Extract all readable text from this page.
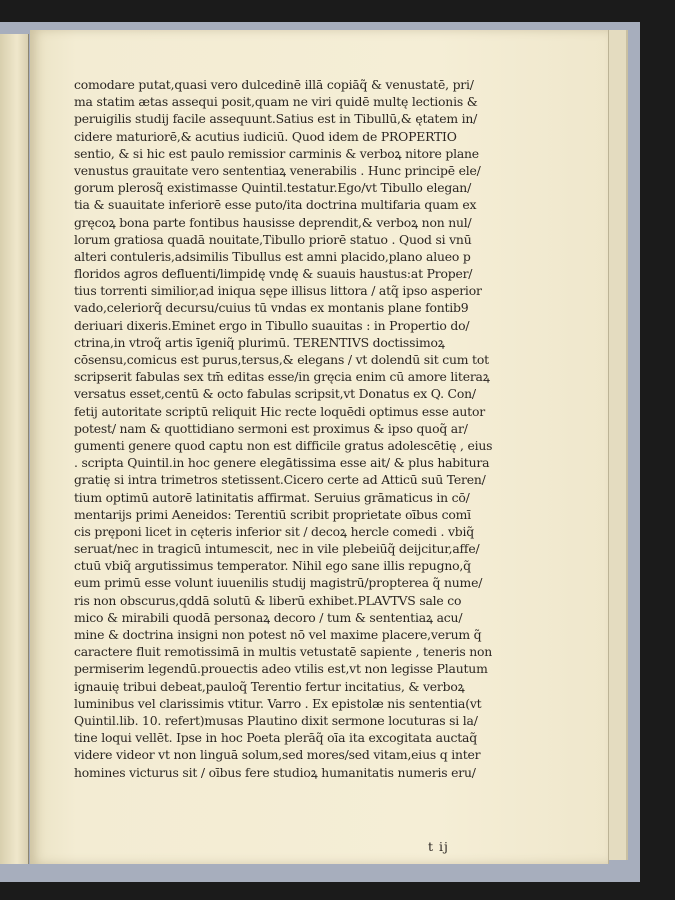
comodare putat,quasi vero dulcedinē illā copiāq̃ & venustatē, pri/
ma statim ætas assequi posit,quam ne viri quidē multę lectionis &
peruigilis studij facile assequunt.Satius est in Tibullū,& ętatem in/
cidere maturiorē,& acutius iudiciū. Quod idem de PROPERTIO
sentio, & si hic est paulo remissior carminis & verboꝝ nitore plane
venustus grauitate vero sententiaꝝ venerabilis . Hunc principē ele/
gorum plerosq̃ existimasse Quintil.testatur.Ego/vt Tibullo elegan/
tia & suauitate inferiorē esse puto/ita doctrina multifaria quam ex
gręcoꝝ bona parte fontibus hausisse deprendit,& verboꝝ non nul/
lorum gratiosa quadā nouitate,Tibullo priorē statuo . Quod si vnū
alteri contuleris,adsimilis Tibullus est amni placido,plano alueo p
floridos agros defluenti/limpidę vndę & suauis haustus:at Proper/
tius torrenti similior,ad iniqua sępe illisus littora / atq̃ ipso asperior
vado,celeriorq̃ decursu/cuius tū vndas ex montanis plane fontib9
deriuari dixeris.Eminet ergo in Tibullo suauitas : in Propertio do/
ctrina,in vtroq̃ artis īgeniq̃ plurimū. TERENTIVS doctissimoꝝ
cōsensu,comicus est purus,tersus,& elegans / vt dolendū sit cum tot
scripserit fabulas sex tm̄ editas esse/in gręcia enim cū amore literaꝝ
versatus esset,centū & octo fabulas scripsit,vt Donatus ex Q. Con/
fetij autoritate scriptū reliquit Hic recte loquēdi optimus esse autor
potest/ nam & quottidiano sermoni est proximus & ipso quoq̃ ar/
gumenti genere quod captu non est difficile gratus adolescētię , eius
. scripta Quintil.in hoc genere elegātissima esse ait/ & plus habitura
gratię si intra trimetros stetissent.Cicero certe ad Atticū suū Teren/
tium optimū autorē latinitatis affirmat. Seruius grāmaticus in cō/
mentarijs primi Aeneidos: Terentiū scribit proprietate oībus comī
cis pręponi licet in cęteris inferior sit / decoꝝ hercle comedi . vbiq̃
seruat/nec in tragicū intumescit, nec in vile plebeiūq̃ deijcitur,affe/
ctuū vbiq̃ argutissimus temperator. Nihil ego sane illis repugno,q̃
eum primū esse volunt iuuenilis studij magistrū/propterea q̃ nume/
ris non obscurus,qddā solutū & liberū exhibet.PLAVTVS sale co
mico & mirabili quodā personaꝝ decoro / tum & sententiaꝝ acu/
mine & doctrina insigni non potest nō vel maxime placere,verum q̃
caractere fluit remotissimā in multis vetustatē sapiente , teneris non
permiserim legendū.prouectis adeo vtilis est,vt non legisse Plautum
ignauię tribui debeat,pauloq̃ Terentio fertur incitatius, & verboꝝ
luminibus vel clarissimis vtitur. Varro . Ex epistolæ nis sententia(vt
Quintil.lib. 10. refert)musas Plautino dixit sermone locuturas si la/
tine loqui vellēt. Ipse in hoc Poeta plerāq̃ oīa ita excogitata auctaq̃
videre videor vt non linguā solum,sed mores/sed vitam,eius q inter
homines victurus sit / oībus fere studioꝝ humanitatis numeris eru/
t ij
